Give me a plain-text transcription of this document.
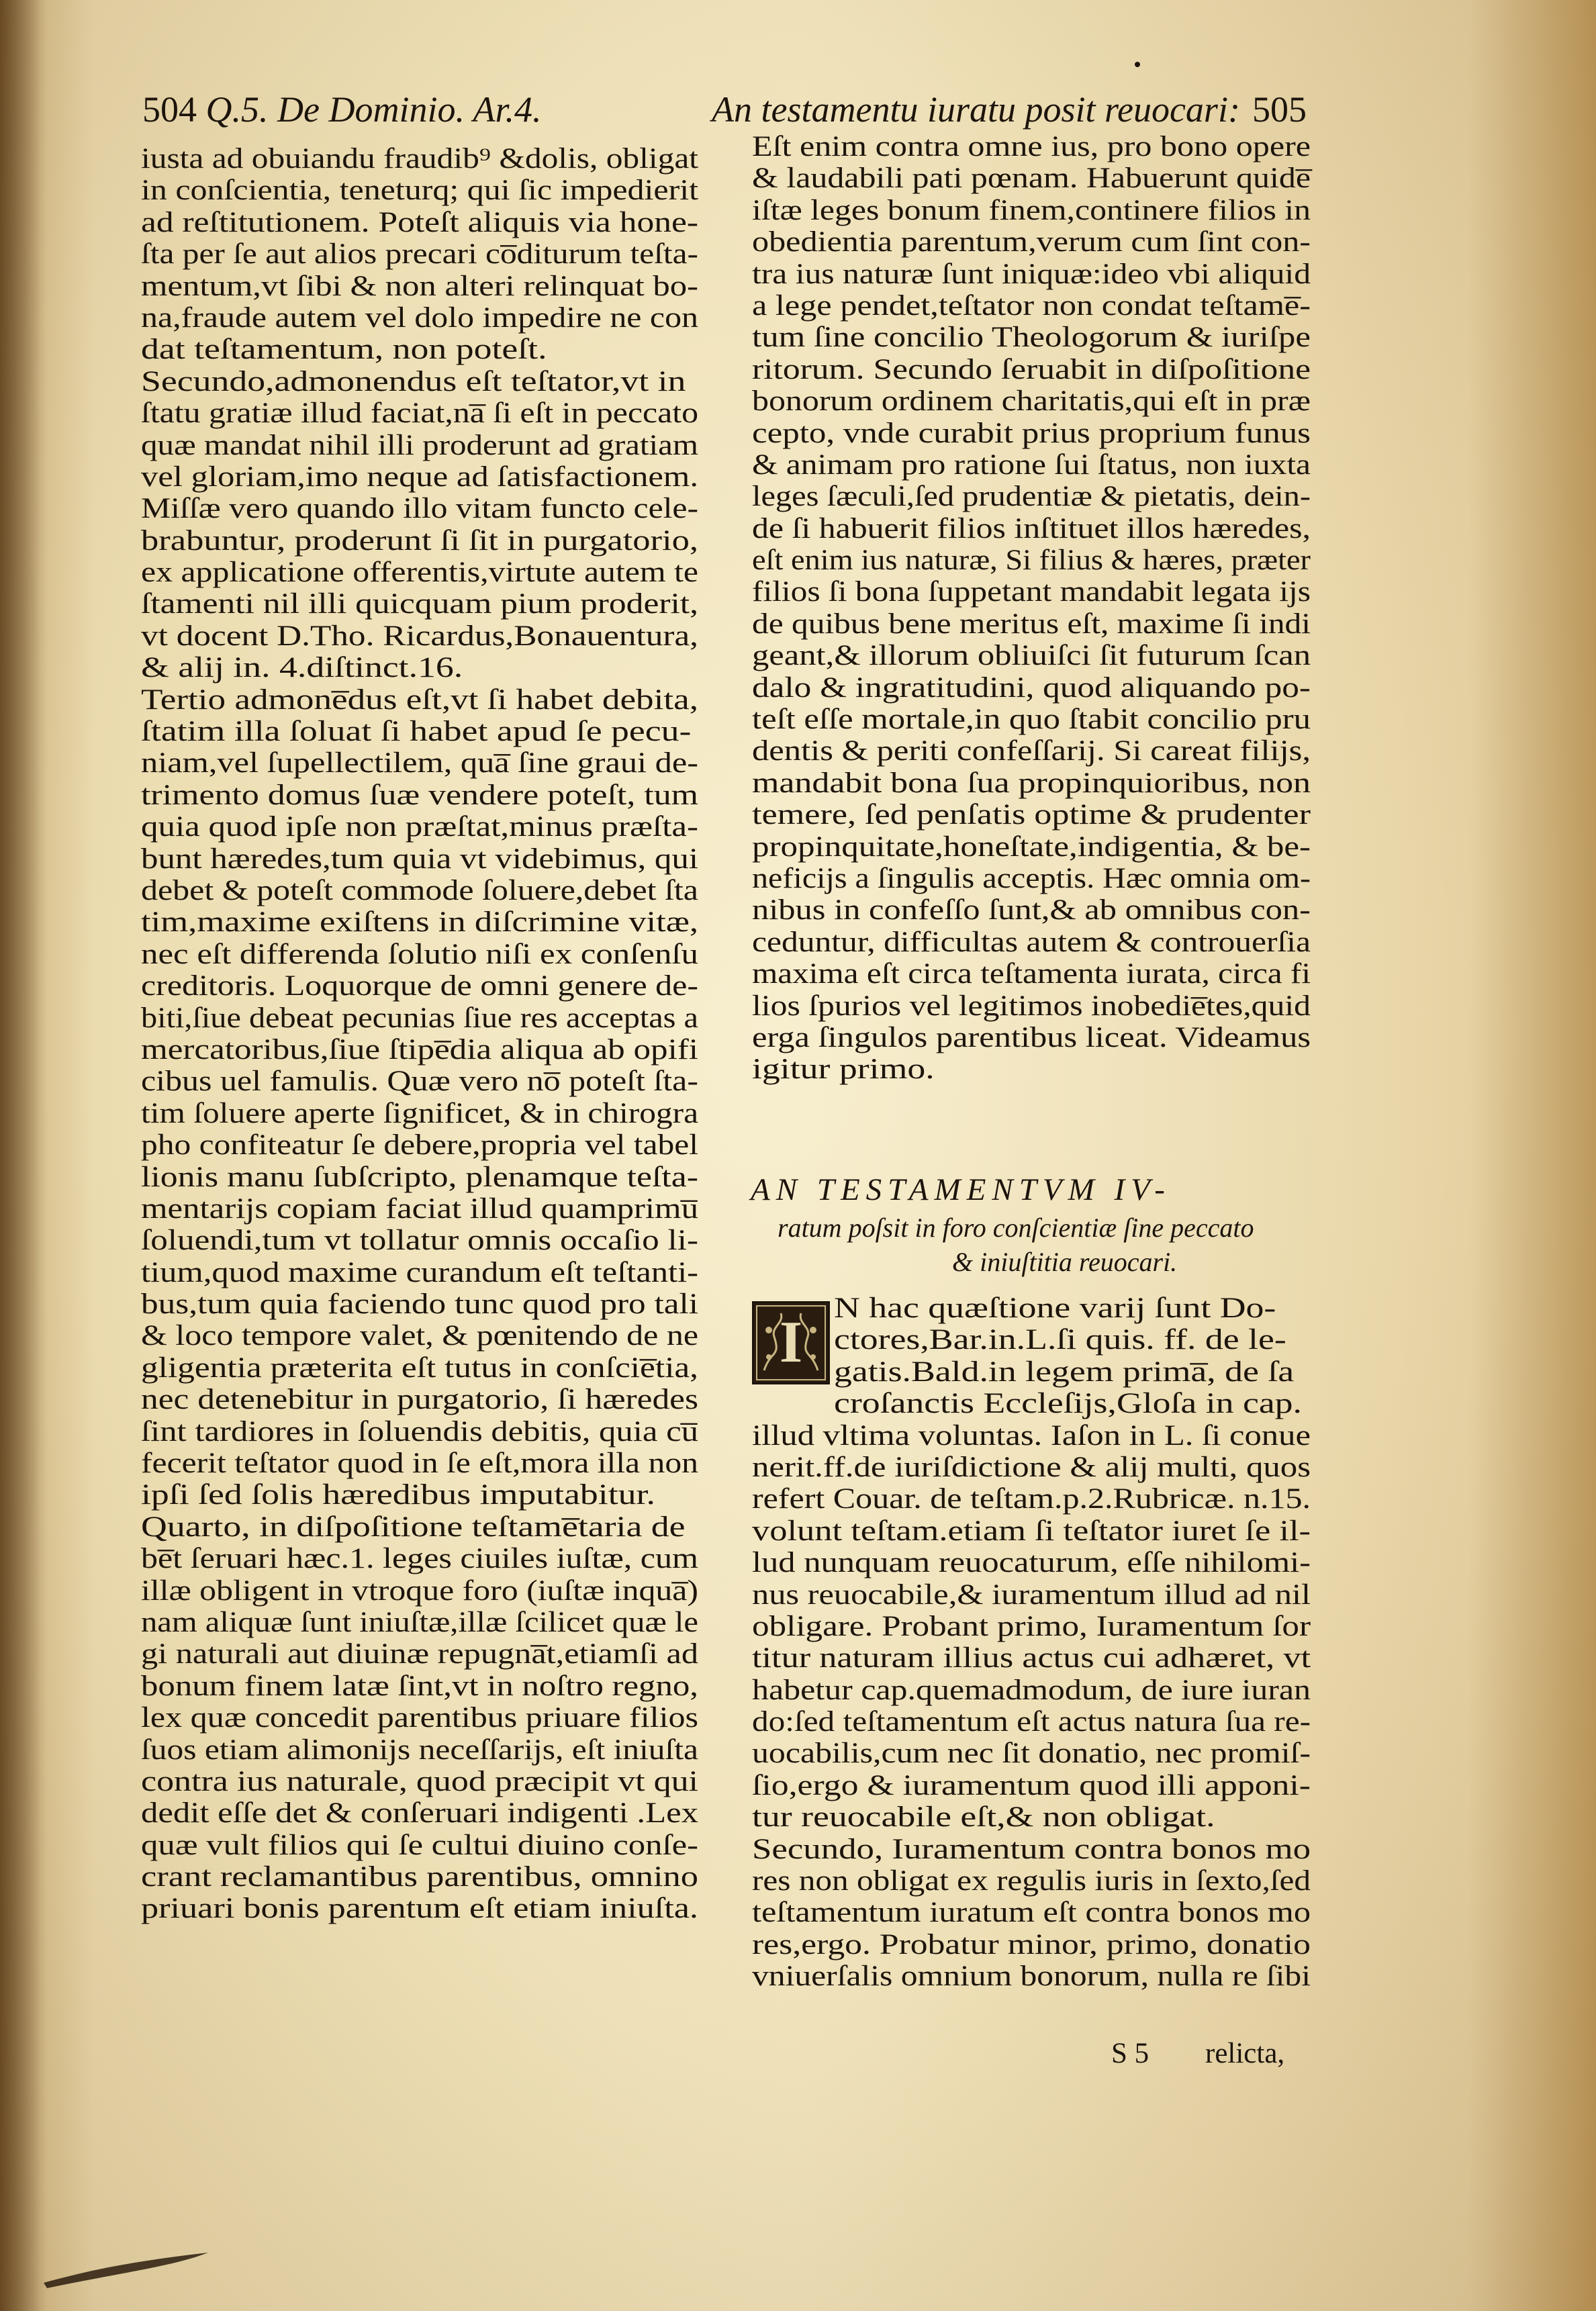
504 Q.5. De Dominio. Ar.4.	An testamentu iuratu posit reuocari: 505
iusta ad obuiandu fraudib⁹ &dolis, obligat
in conſcientia, teneturq; qui ſic impedierit
ad reſtitutionem. Poteſt aliquis via hone-
ſta per ſe aut alios precari co̅diturum teſta-
mentum,vt ſibi & non alteri relinquat bo-
na,fraude autem vel dolo impedire ne con
dat teſtamentum, non poteſt.
Secundo,admonendus eſt teſtator,vt in
ſtatu gratiæ illud faciat,na̅ ſi eſt in peccato
quæ mandat nihil illi proderunt ad gratiam
vel gloriam,imo neque ad ſatisfactionem.
Miſſæ vero quando illo vitam functo cele-
brabuntur, proderunt ſi ſit in purgatorio,
ex applicatione offerentis,virtute autem te
ſtamenti nil illi quicquam pium proderit,
vt docent D.Tho. Ricardus,Bonauentura,
& alij in. 4.diſtinct.16.
Tertio admone̅dus eſt,vt ſi habet debita,
ſtatim illa ſoluat ſi habet apud ſe pecu-
niam,vel ſupellectilem, qua̅ ſine graui de-
trimento domus ſuæ vendere poteſt, tum
quia quod ipſe non præſtat,minus præſta-
bunt hæredes,tum quia vt videbimus, qui
debet & poteſt commode ſoluere,debet ſta
tim,maxime exiſtens in diſcrimine vitæ,
nec eſt differenda ſolutio niſi ex conſenſu
creditoris. Loquorque de omni genere de-
biti,ſiue debeat pecunias ſiue res acceptas a
mercatoribus,ſiue ſtipe̅dia aliqua ab opifi
cibus uel famulis. Quæ vero no̅ poteſt ſta-
tim ſoluere aperte ſignificet, & in chirogra
pho confiteatur ſe debere,propria vel tabel
lionis manu ſubſcripto, plenamque teſta-
mentarijs copiam faciat illud quamprimu̅
ſoluendi,tum vt tollatur omnis occaſio li-
tium,quod maxime curandum eſt teſtanti-
bus,tum quia faciendo tunc quod pro tali
& loco tempore valet, & pœnitendo de ne
gligentia præterita eſt tutus in conſcie̅tia,
nec detenebitur in purgatorio, ſi hæredes
ſint tardiores in ſoluendis debitis, quia cu̅
fecerit teſtator quod in ſe eſt,mora illa non
ipſi ſed ſolis hæredibus imputabitur.
Quarto, in diſpoſitione teſtame̅taria de
be̅t ſeruari hæc.1. leges ciuiles iuſtæ, cum
illæ obligent in vtroque foro (iuſtæ inqua̅)
nam aliquæ ſunt iniuſtæ,illæ ſcilicet quæ le
gi naturali aut diuinæ repugna̅t,etiamſi ad
bonum finem latæ ſint,vt in noſtro regno,
lex quæ concedit parentibus priuare filios
ſuos etiam alimonijs neceſſarijs, eſt iniuſta
contra ius naturale, quod præcipit vt qui
dedit eſſe det & conſeruari indigenti .Lex
quæ vult filios qui ſe cultui diuino conſe-
crant reclamantibus parentibus, omnino
priuari bonis parentum eſt etiam iniuſta.
Eſt enim contra omne ius, pro bono opere
& laudabili pati pœnam. Habuerunt quide̅
iſtæ leges bonum finem,continere filios in
obedientia parentum,verum cum ſint con-
tra ius naturæ ſunt iniquæ:ideo vbi aliquid
a lege pendet,teſtator non condat teſtame̅-
tum ſine concilio Theologorum & iuriſpe
ritorum. Secundo ſeruabit in diſpoſitione
bonorum ordinem charitatis,qui eſt in præ
cepto, vnde curabit prius proprium funus
& animam pro ratione ſui ſtatus, non iuxta
leges ſæculi,ſed prudentiæ & pietatis, dein-
de ſi habuerit filios inſtituet illos hæredes,
eſt enim ius naturæ, Si filius & hæres, præter
filios ſi bona ſuppetant mandabit legata ijs
de quibus bene meritus eſt, maxime ſi indi
geant,& illorum obliuiſci ſit futurum ſcan
dalo & ingratitudini, quod aliquando po-
teſt eſſe mortale,in quo ſtabit concilio pru
dentis & periti confeſſarij. Si careat filijs,
mandabit bona ſua propinquioribus, non
temere, ſed penſatis optime & prudenter
propinquitate,honeſtate,indigentia, & be-
neficijs a ſingulis acceptis. Hæc omnia om-
nibus in confeſſo ſunt,& ab omnibus con-
ceduntur, difficultas autem & controuerſia
maxima eſt circa teſtamenta iurata, circa fi
lios ſpurios vel legitimos inobedie̅tes,quid
erga ſingulos parentibus liceat. Videamus
igitur primo.
AN TESTAMENTVM IV-
ratum poſsit in foro conſcientiæ ſine peccato
& iniuſtitia reuocari.
I
N hac quæſtione varij ſunt Do-
ctores,Bar.in.L.ſi quis. ff. de le-
gatis.Bald.in legem prima̅, de ſa
croſanctis Eccleſijs,Gloſa in cap.
illud vltima voluntas. Iaſon in L. ſi conue
nerit.ff.de iuriſdictione & alij multi, quos
refert Couar. de teſtam.p.2.Rubricæ. n.15.
volunt teſtam.etiam ſi teſtator iuret ſe il-
lud nunquam reuocaturum, eſſe nihilomi-
nus reuocabile,& iuramentum illud ad nil
obligare. Probant primo, Iuramentum ſor
titur naturam illius actus cui adhæret, vt
habetur cap.quemadmodum, de iure iuran
do:ſed teſtamentum eſt actus natura ſua re-
uocabilis,cum nec ſit donatio, nec promiſ-
ſio,ergo & iuramentum quod illi apponi-
tur reuocabile eſt,& non obligat.
Secundo, Iuramentum contra bonos mo
res non obligat ex regulis iuris in ſexto,ſed
teſtamentum iuratum eſt contra bonos mo
res,ergo. Probatur minor, primo, donatio
vniuerſalis omnium bonorum, nulla re ſibi
S 5 relicta,
